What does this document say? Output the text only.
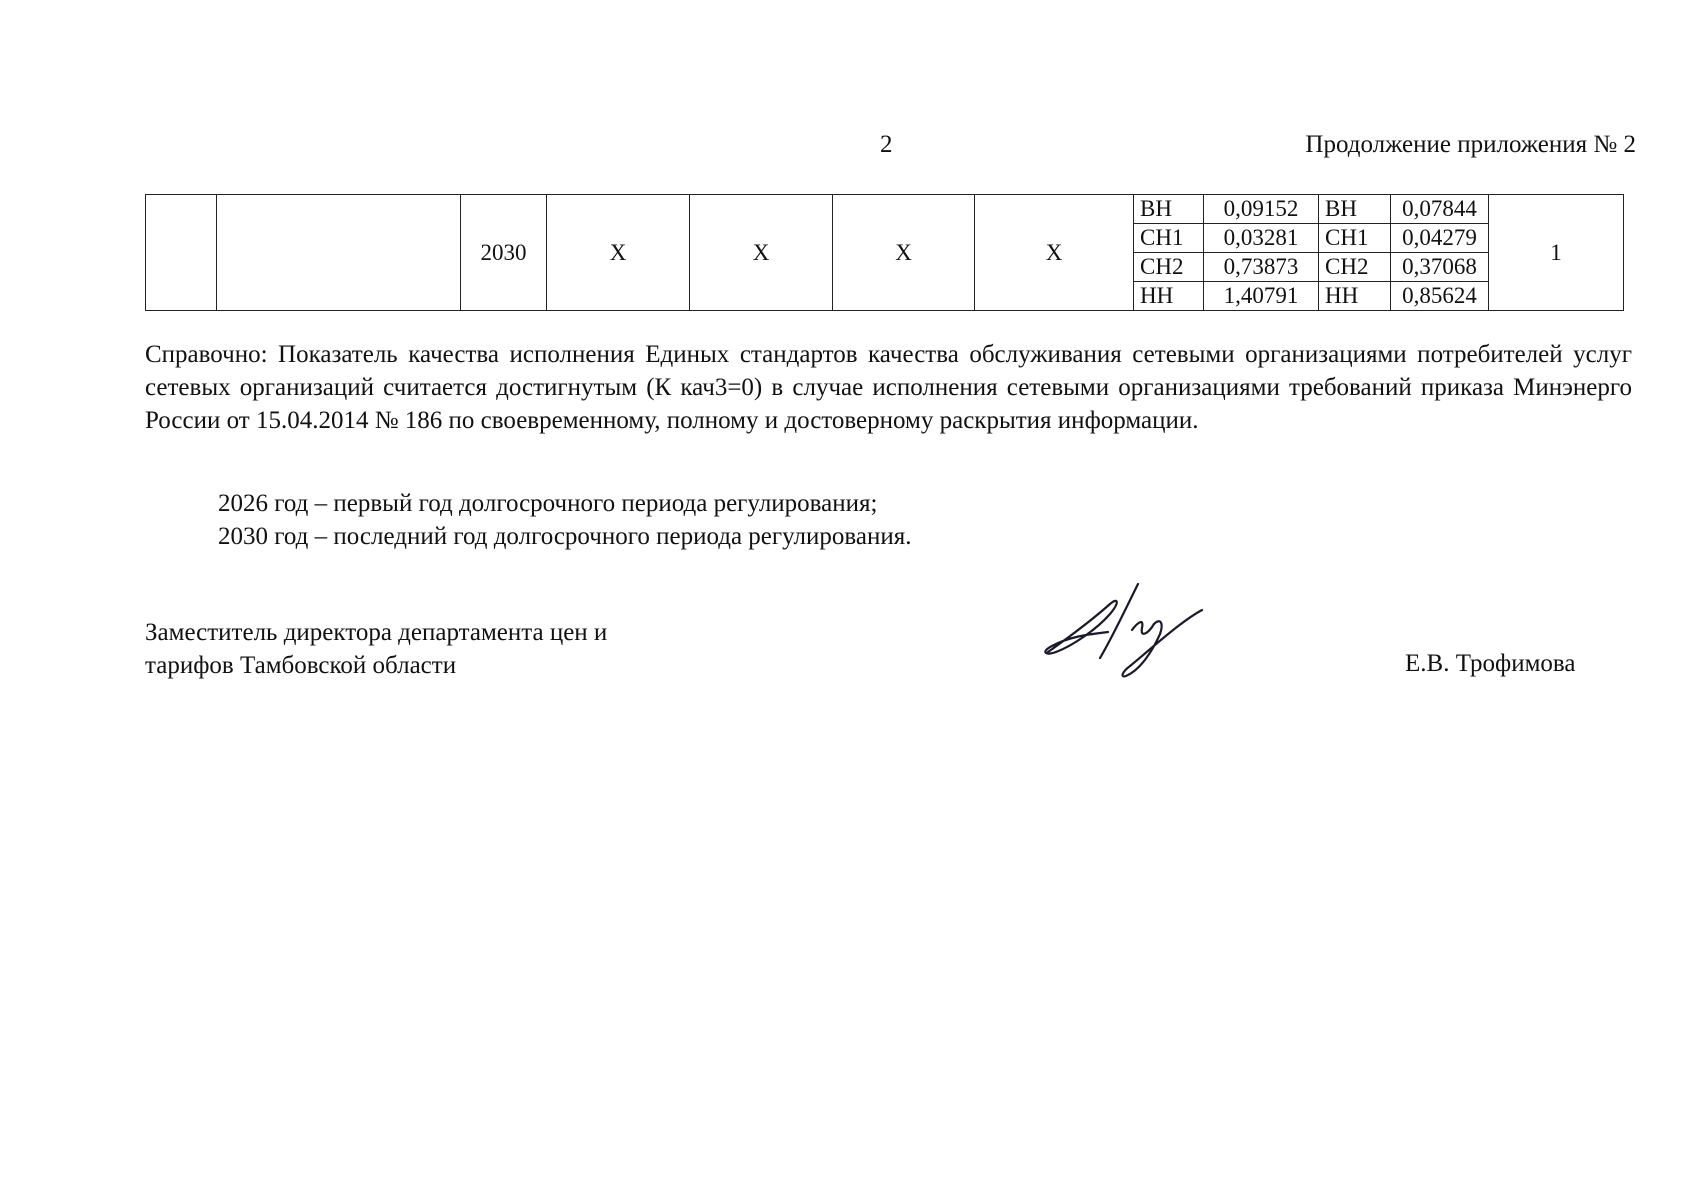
2	Продолжение приложения № 2
		2030	X	X	X	X	ВН	0,09152	ВН	0,07844	1
							СН1	0,03281	СН1	0,04279	
							СН2	0,73873	СН2	0,37068	
							НН	1,40791	НН	0,85624	

Справочно: Показатель качества исполнения Единых стандартов качества обслуживания сетевыми организациями потребителей услуг сетевых организаций считается достигнутым (К кач3=0) в случае исполнения сетевыми организациями требований приказа Минэнерго России от 15.04.2014 № 186 по своевременному, полному и достоверному раскрытия информации.

2026 год – первый год долгосрочного периода регулирования;
2030 год – последний год долгосрочного периода регулирования.
Заместитель директора департамента цен и
тарифов Тамбовской области	Е.В. Трофимова
